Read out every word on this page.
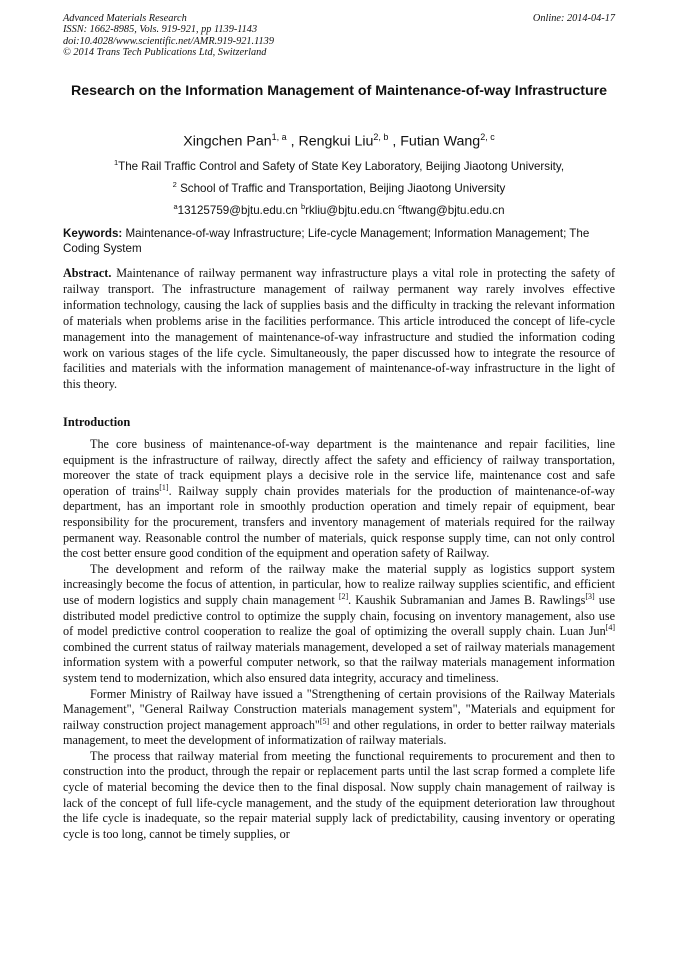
Advanced Materials Research
ISSN: 1662-8985, Vols. 919-921, pp 1139-1143
doi:10.4028/www.scientific.net/AMR.919-921.1139
© 2014 Trans Tech Publications Ltd, Switzerland
Online: 2014-04-17
Research on the Information Management of Maintenance-of-way Infrastructure
Xingchen Pan$^{1, a}$ , Rengkui Liu$^{2, b}$ , Futian Wang$^{2, c}$
$^1$The Rail Traffic Control and Safety of State Key Laboratory, Beijing Jiaotong University,
$^2$ School of Traffic and Transportation, Beijing Jiaotong University
$^a$13125759@bjtu.edu.cn $^b$rkliu@bjtu.edu.cn $^c$ftwang@bjtu.edu.cn
Keywords: Maintenance-of-way Infrastructure; Life-cycle Management; Information Management; The Coding System

Abstract. Maintenance of railway permanent way infrastructure plays a vital role in protecting the safety of railway transport. The infrastructure management of railway permanent way rarely involves effective information technology, causing the lack of supplies basis and the difficulty in tracking the relevant information of materials when problems arise in the facilities performance. This article introduced the concept of life-cycle management into the management of maintenance-of-way infrastructure and studied the information coding work on various stages of the life cycle. Simultaneously, the paper discussed how to integrate the resource of facilities and materials with the information management of maintenance-of-way infrastructure in the light of this theory.

Introduction

The core business of maintenance-of-way department is the maintenance and repair facilities, line equipment is the infrastructure of railway, directly affect the safety and efficiency of railway transportation, moreover the state of track equipment plays a decisive role in the service life, maintenance cost and safe operation of trains[1]. Railway supply chain provides materials for the production of maintenance-of-way department, has an important role in smoothly production operation and timely repair of equipment, bear responsibility for the procurement, transfers and inventory management of materials required for the railway permanent way. Reasonable control the number of materials, quick response supply time, can not only control the cost better ensure good condition of the equipment and operation safety of Railway.

The development and reform of the railway make the material supply as logistics support system increasingly become the focus of attention, in particular, how to realize railway supplies scientific, and efficient use of modern logistics and supply chain management [2]. Kaushik Subramanian and James B. Rawlings[3] use distributed model predictive control to optimize the supply chain, focusing on inventory management, also use of model predictive control cooperation to realize the goal of optimizing the overall supply chain. Luan Jun[4] combined the current status of railway materials management, developed a set of railway materials management information system with a powerful computer network, so that the railway materials management information system tend to modernization, which also ensured data integrity, accuracy and timeliness.

Former Ministry of Railway have issued a "Strengthening of certain provisions of the Railway Materials Management", "General Railway Construction materials management system", "Materials and equipment for railway construction project management approach"[5] and other regulations, in order to better railway materials management, to meet the development of informatization of railway materials.

The process that railway material from meeting the functional requirements to procurement and then to construction into the product, through the repair or replacement parts until the last scrap formed a complete life cycle of material becoming the device then to the final disposal. Now supply chain management of railway is lack of the concept of full life-cycle management, and the study of the equipment deterioration law throughout the life cycle is inadequate, so the repair material supply lack of predictability, causing inventory or operating cycle is too long, cannot be timely supplies, or
